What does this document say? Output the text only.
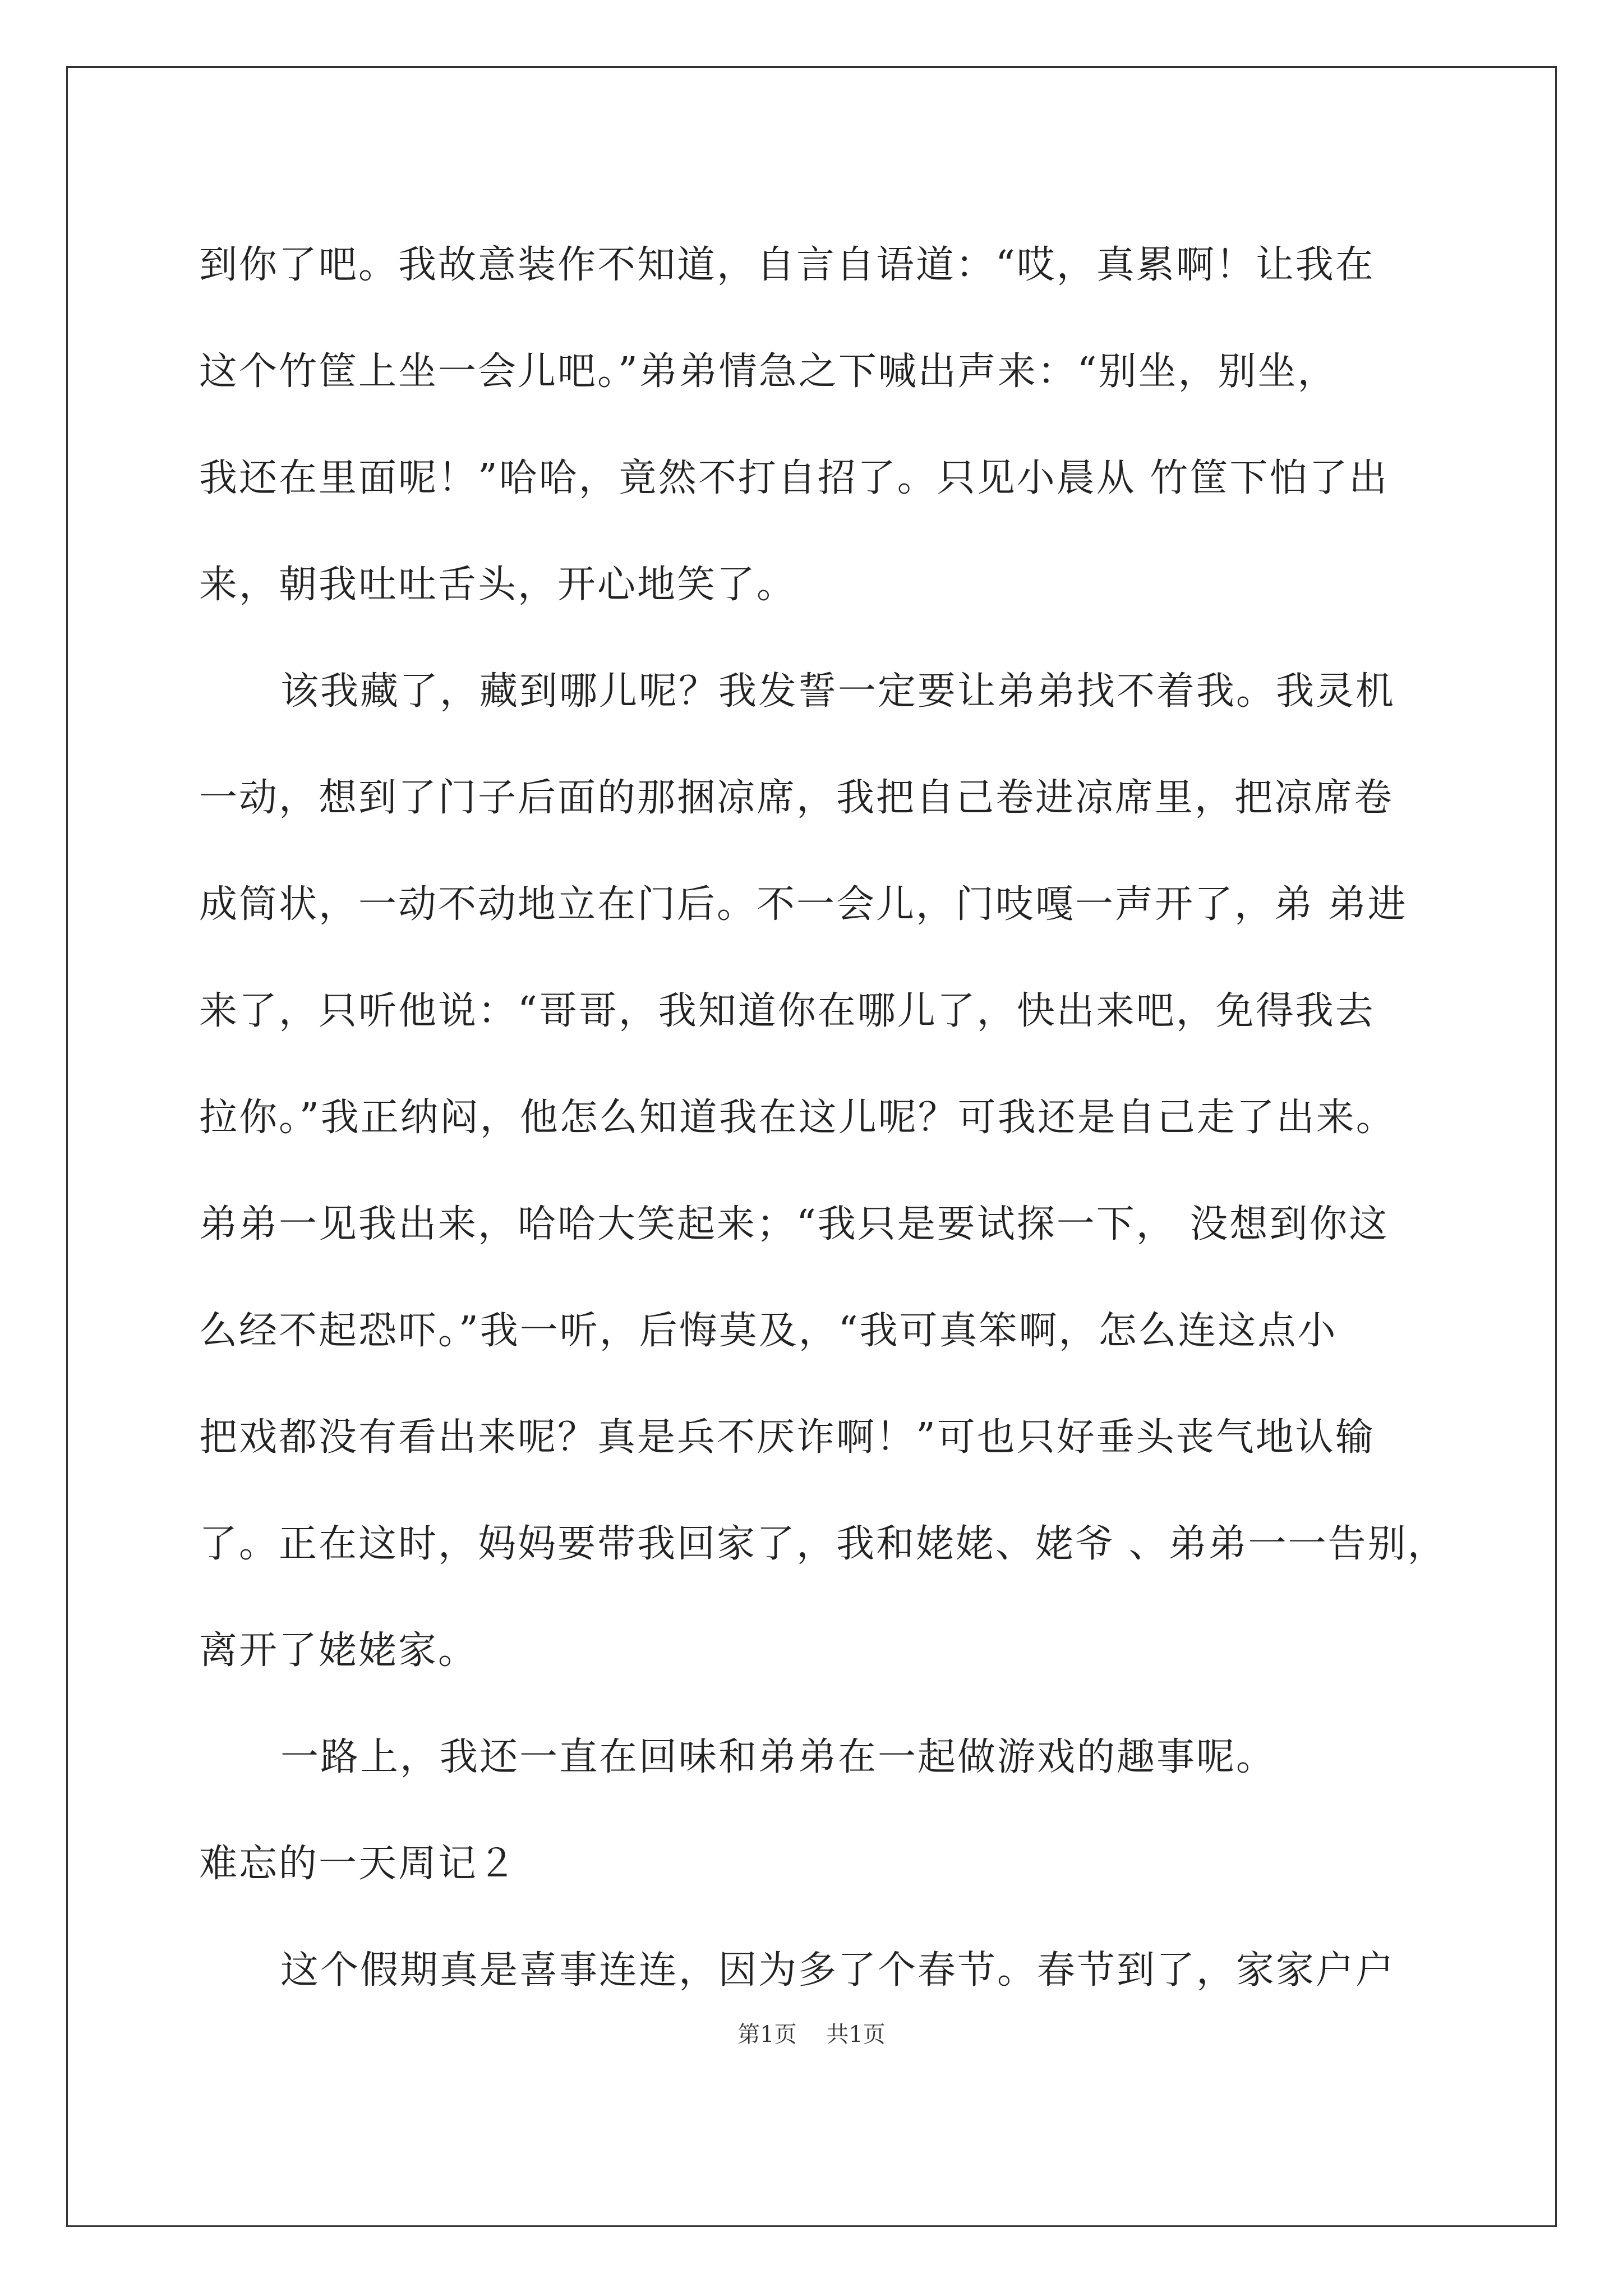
到你了吧。我故意装作不知道，自言自语道：“哎，真累啊！让我在
这个竹筐上坐一会儿吧。”弟弟情急之下喊出声来：“别坐，别坐，
我还在里面呢！”哈哈，竟然不打自招了。只见小晨从 竹筐下怕了出
来，朝我吐吐舌头，开心地笑了。
该我藏了，藏到哪儿呢？我发誓一定要让弟弟找不着我。我灵机
一动，想到了门子后面的那捆凉席，我把自己卷进凉席里，把凉席卷
成筒状，一动不动地立在门后。不一会儿，门吱嘎一声开了，弟 弟进
来了，只听他说：“哥哥，我知道你在哪儿了，快出来吧，免得我去
拉你。”我正纳闷，他怎么知道我在这儿呢？可我还是自己走了出来。
弟弟一见我出来，哈哈大笑起来；“我只是要试探一下， 没想到你这
么经不起恐吓。”我一听，后悔莫及，“我可真笨啊，怎么连这点小
把戏都没有看出来呢？真是兵不厌诈啊！”可也只好垂头丧气地认输
了。正在这时，妈妈要带我回家了，我和姥姥、姥爷 、弟弟一一告别，
离开了姥姥家。
一路上，我还一直在回味和弟弟在一起做游戏的趣事呢。
难忘的一天周记２
这个假期真是喜事连连，因为多了个春节。春节到了，家家户户
第1页 共1页
